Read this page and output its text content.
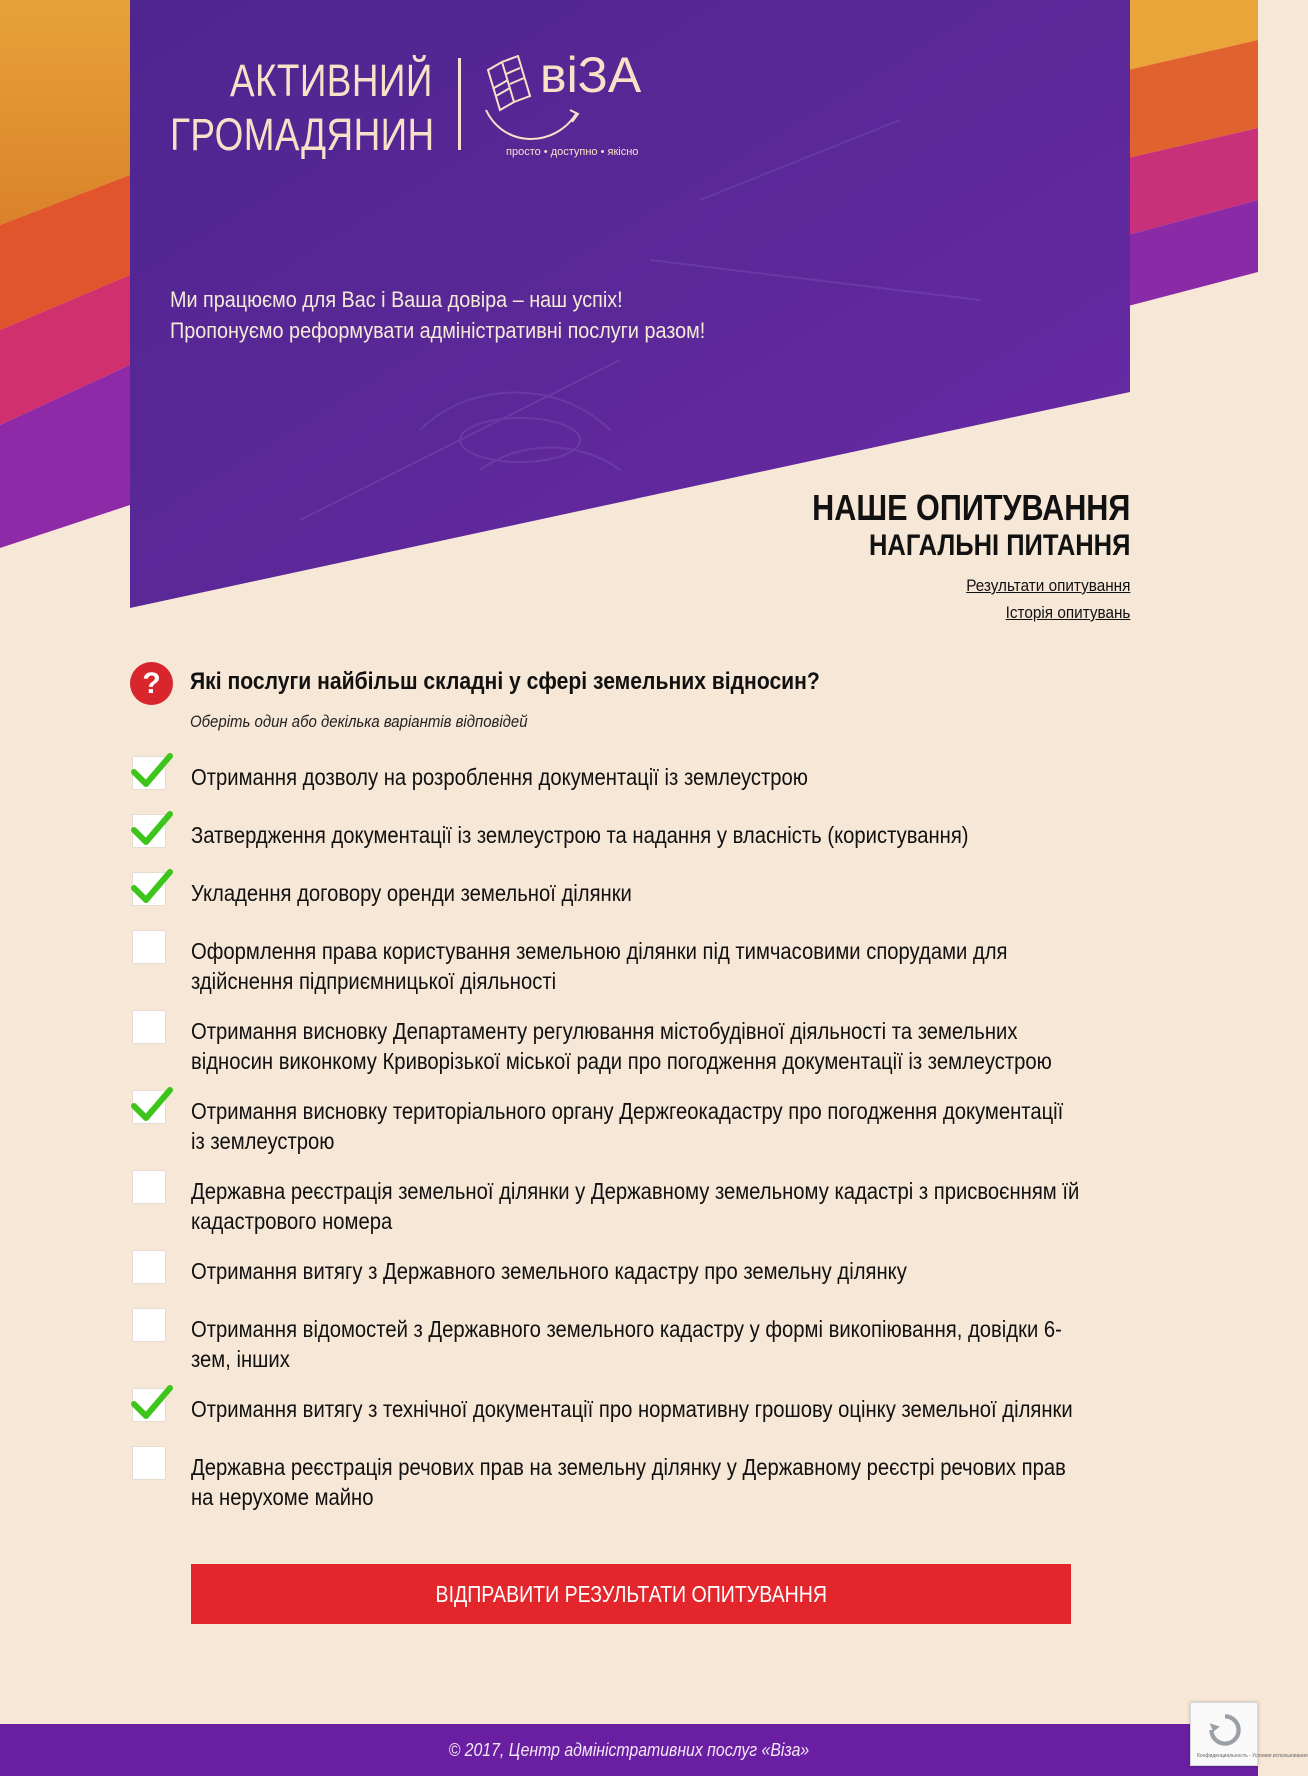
АКТИВНИЙ
ГРОМАДЯНИН
віЗА
просто • доступно • якісно
Ми працюємо для Вас і Ваша довіра – наш успіх!
Пропонуємо реформувати адміністративні послуги разом!
НАШЕ ОПИТУВАННЯ
НАГАЛЬНІ ПИТАННЯ
Результати опитування
Історія опитувань
?	Які послуги найбільш складні у сфері земельних відносин?
Оберіть один або декілька варіантів відповідей
Отримання дозволу на розроблення документації із землеустрою
Затвердження документації із землеустрою та надання у власність (користування)
Укладення договору оренди земельної ділянки
Оформлення права користування земельною ділянки під тимчасовими спорудами для здійснення підприємницької діяльності
Отримання висновку Департаменту регулювання містобудівної діяльності та земельних відносин виконкому Криворізької міської ради про погодження документації із землеустрою
Отримання висновку територіального органу Держгеокадастру про погодження документації із землеустрою
Державна реєстрація земельної ділянки у Державному земельному кадастрі з присвоєнням їй кадастрового номера
Отримання витягу з Державного земельного кадастру про земельну ділянку
Отримання відомостей з Державного земельного кадастру у формі викопіювання, довідки 6-зем, інших
Отримання витягу з технічної документації про нормативну грошову оцінку земельної ділянки
Державна реєстрація речових прав на земельну ділянку у Державному реєстрі речових прав на нерухоме майно
ВІДПРАВИТИ РЕЗУЛЬТАТИ ОПИТУВАННЯ
© 2017, Центр адміністративних послуг «Віза»	Конфиденциальность - Условия использования
